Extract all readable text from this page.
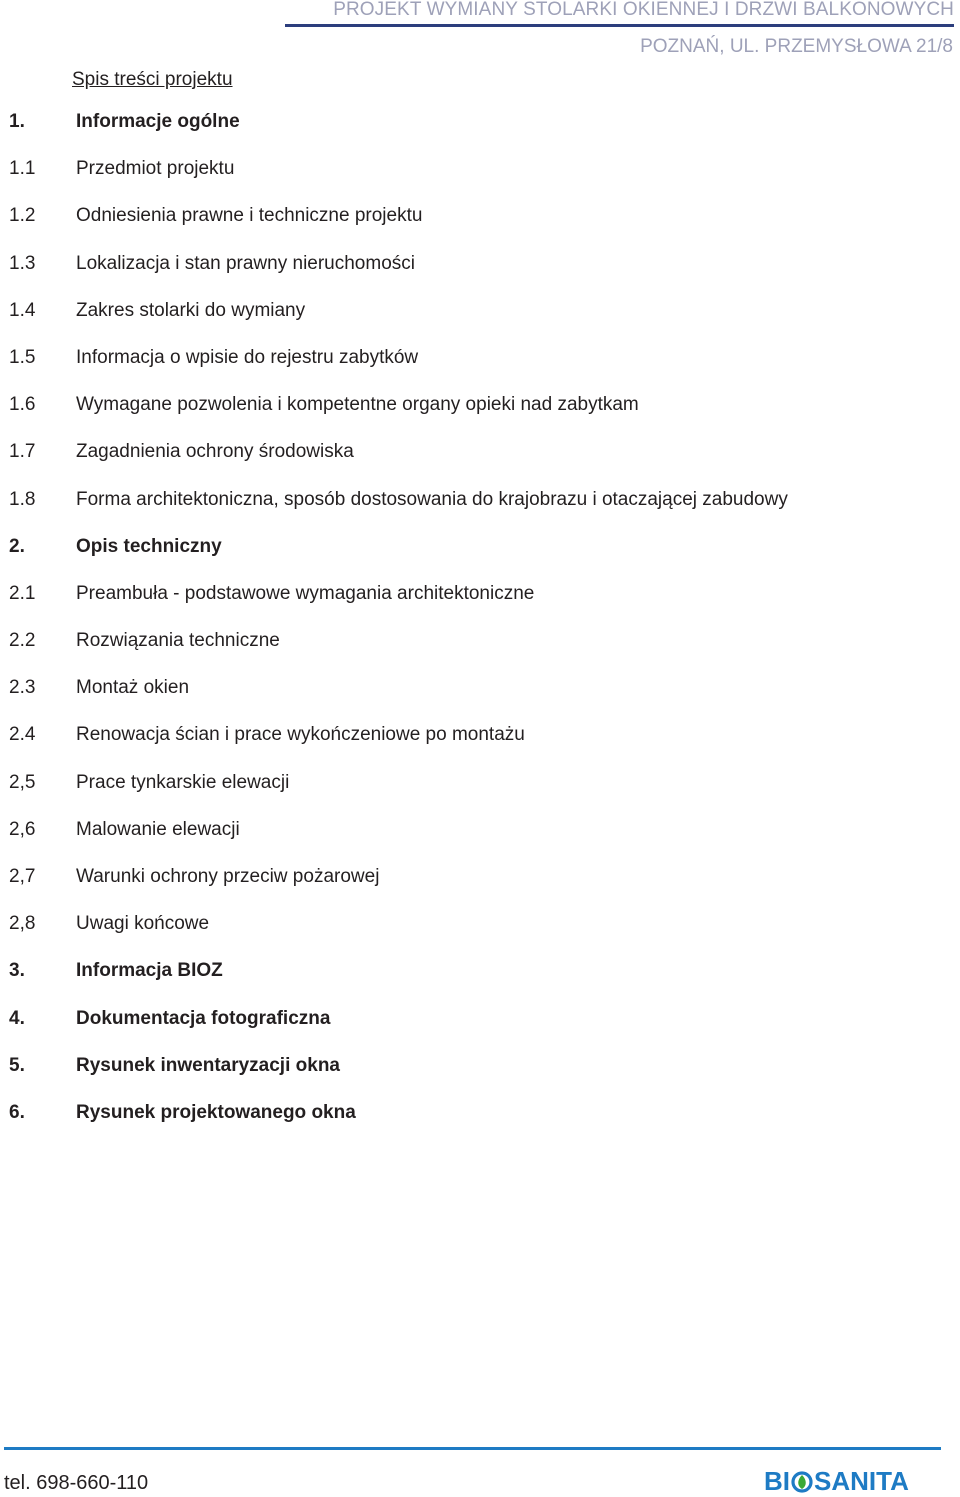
PROJEKT WYMIANY STOLARKI OKIENNEJ I DRZWI BALKONOWYCH
POZNAŃ, UL. PRZEMYSŁOWA 21/8
Spis treści projektu
1.	Informacje ogólne
1.1 Przedmiot projektu
1.2 Odniesienia prawne i techniczne projektu
1.3 Lokalizacja i stan prawny nieruchomości
1.4 Zakres stolarki do wymiany
1.5 Informacja o wpisie do rejestru zabytków
1.6 Wymagane pozwolenia i kompetentne organy opieki nad zabytkam
1.7 Zagadnienia ochrony środowiska
1.8 Forma architektoniczna, sposób dostosowania do krajobrazu i otaczającej zabudowy
2.	Opis techniczny
2.1 Preambuła - podstawowe wymagania architektoniczne
2.2 Rozwiązania techniczne
2.3 Montaż okien
2.4 Renowacja ścian i prace wykończeniowe po montażu
2,5 Prace tynkarskie elewacji
2,6 Malowanie elewacji
2,7 Warunki ochrony przeciw pożarowej
2,8 Uwagi końcowe
3.	Informacja BIOZ
4.	Dokumentacja fotograficzna
5.	Rysunek inwentaryzacji okna
6.	Rysunek projektowanego okna
tel. 698-660-110	BI SANITA
